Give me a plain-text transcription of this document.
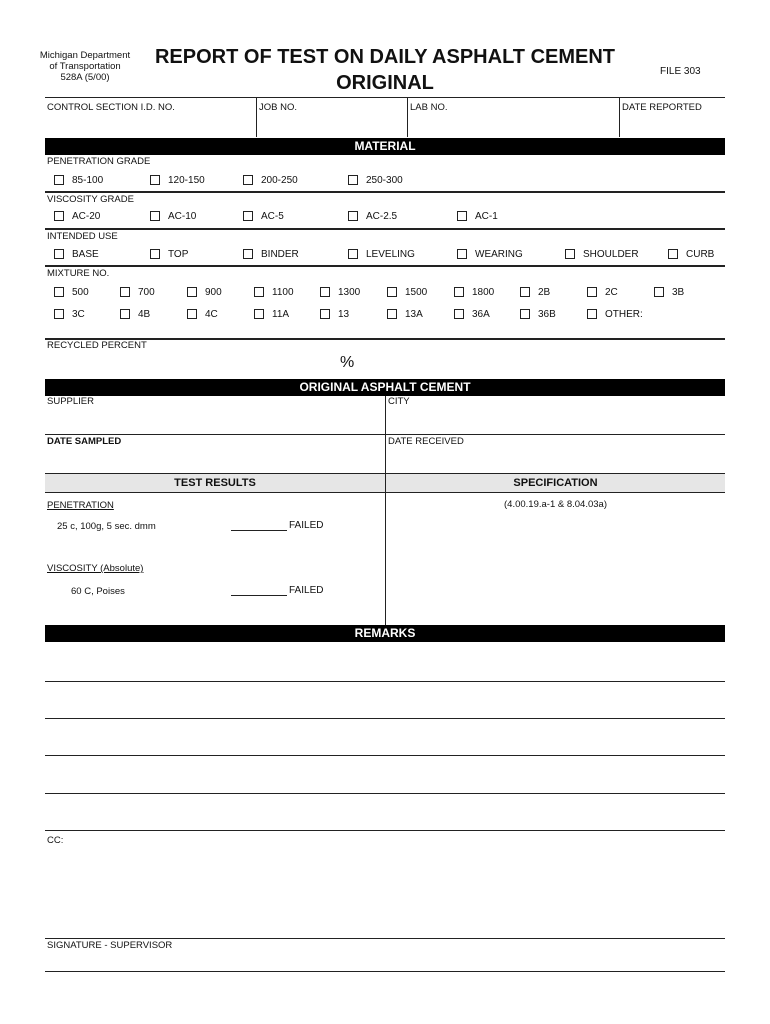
Michigan Department
of Transportation
528A (5/00)
REPORT OF TEST ON DAILY ASPHALT CEMENT
ORIGINAL
FILE 303
CONTROL SECTION I.D. NO.	JOB NO.	LAB NO.	DATE REPORTED
MATERIAL
PENETRATION GRADE
85-100	120-150	200-250	250-300
VISCOSITY GRADE
AC-20	AC-10	AC-5	AC-2.5	AC-1
INTENDED USE
BASE	TOP	BINDER	LEVELING	WEARING	SHOULDER	CURB
MIXTURE NO.
500	700	900	1100	1300	1500	1800	2B	2C	3B
3C	4B	4C	11A	13	13A	36A	36B	OTHER:
RECYCLED PERCENT
%
ORIGINAL ASPHALT CEMENT
SUPPLIER	CITY
DATE SAMPLED	DATE RECEIVED
TEST RESULTS	SPECIFICATION
PENETRATION	(4.00.19.a-1 & 8.04.03a)
25 c, 100g, 5 sec. dmm	FAILED
VISCOSITY (Absolute)
60 C, Poises	FAILED
REMARKS
CC:
SIGNATURE - SUPERVISOR
